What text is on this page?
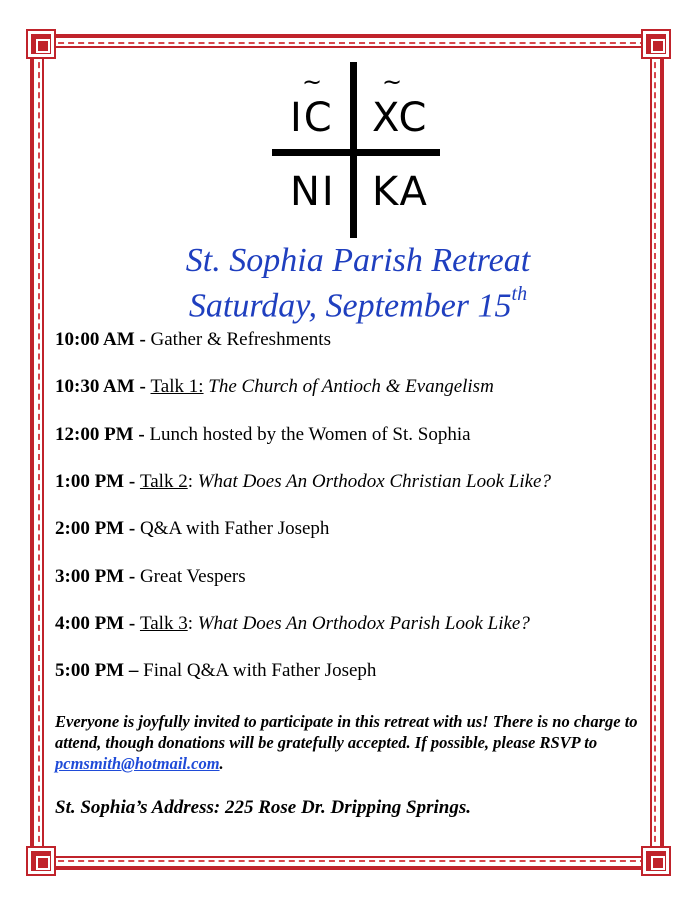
~ ~
IC XC
NI KA
St. Sophia Parish Retreat
Saturday, September 15th
10:00 AM - Gather & Refreshments
10:30 AM - Talk 1: The Church of Antioch & Evangelism
12:00 PM - Lunch hosted by the Women of St. Sophia
1:00 PM - Talk 2: What Does An Orthodox Christian Look Like?
2:00 PM - Q&A with Father Joseph
3:00 PM - Great Vespers
4:00 PM - Talk 3: What Does An Orthodox Parish Look Like?
5:00 PM – Final Q&A with Father Joseph
Everyone is joyfully invited to participate in this retreat with us! There is no charge to attend, though donations will be gratefully accepted. If possible, please RSVP to pcmsmith@hotmail.com.
St. Sophia’s Address: 225 Rose Dr. Dripping Springs.
